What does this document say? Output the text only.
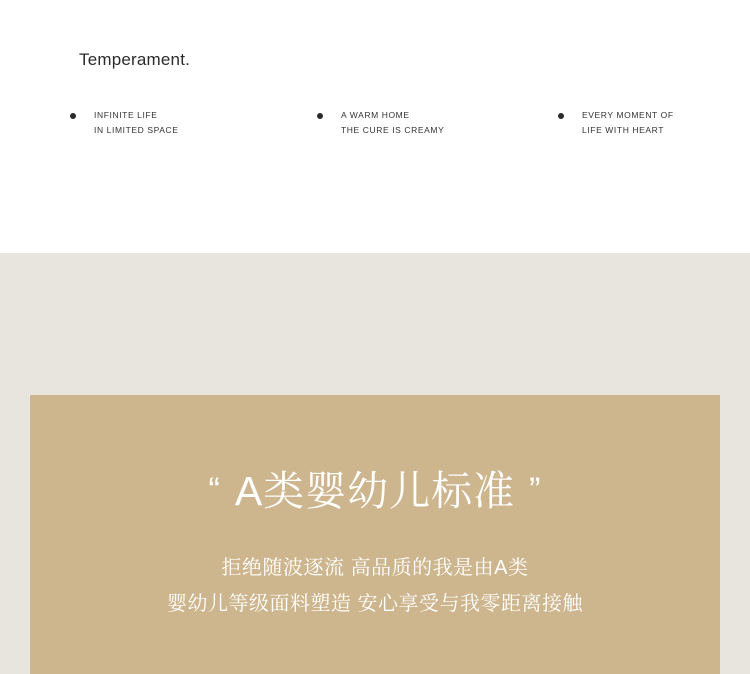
Temperament.
INFINITE LIFE
IN LIMITED SPACE
A WARM HOME
THE CURE IS CREAMY
EVERY MOMENT OF
LIFE WITH HEART
“ A类婴幼儿标准 ”
拒绝随波逐流 高品质的我是由A类
婴幼儿等级面料塑造 安心享受与我零距离接触
